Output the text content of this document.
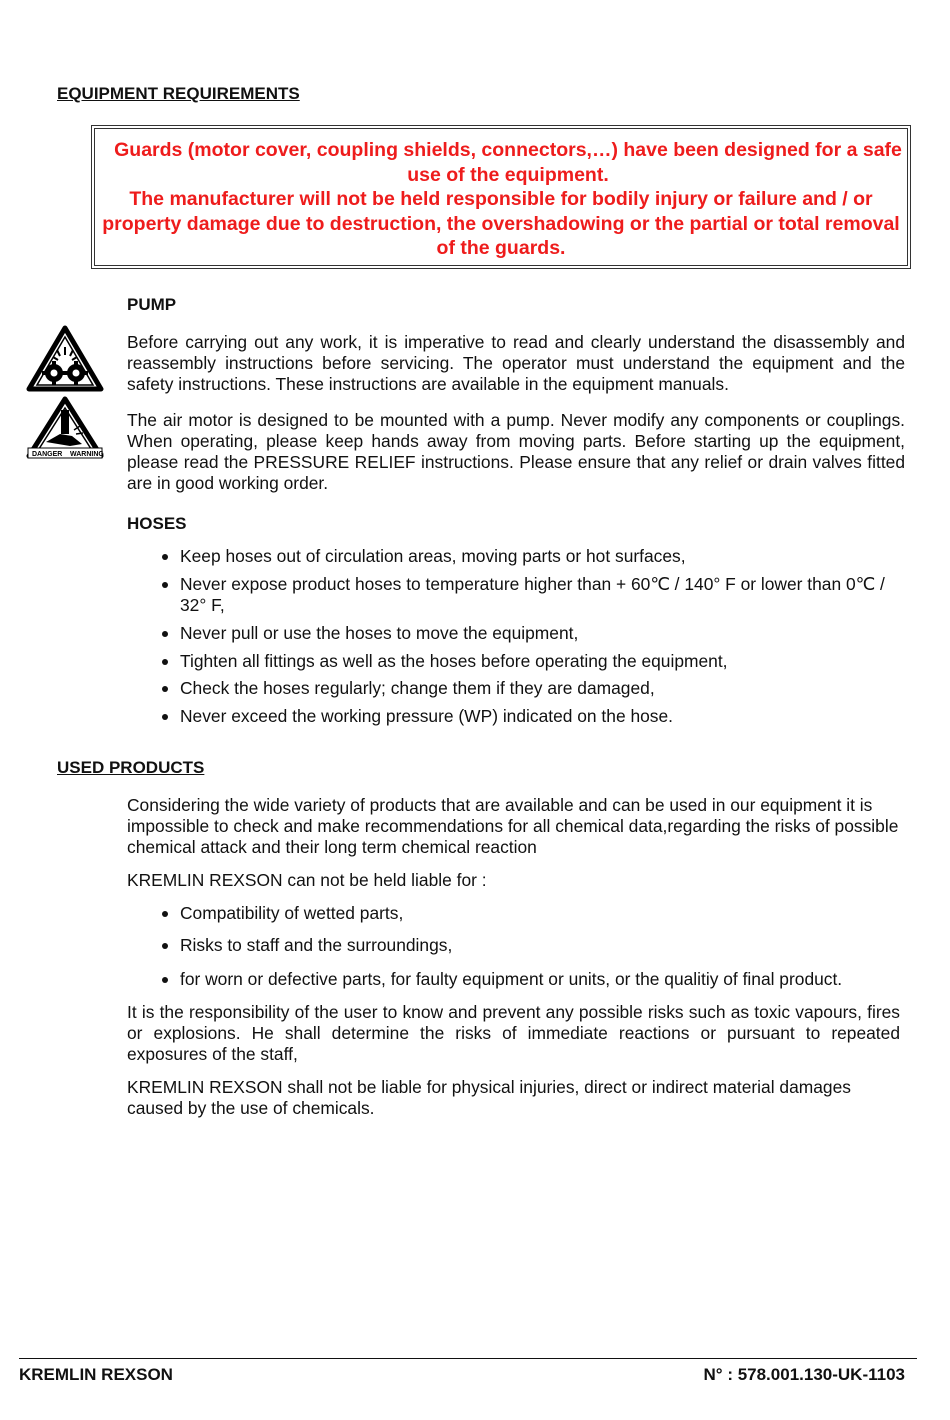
EQUIPMENT REQUIREMENTS
Guards (motor cover, coupling shields, connectors,…) have been designed for a safe use of the equipment.
The manufacturer will not be held responsible for bodily injury or failure and / or property damage due to destruction, the overshadowing or the partial or total removal of the guards.
PUMP
DANGER WARNING

Before carrying out any work, it is imperative to read and clearly understand the disassembly and reassembly instructions before servicing. The operator must understand the equipment and the safety instructions. These instructions are available in the equipment manuals.

The air motor is designed to be mounted with a pump. Never modify any components or couplings. When operating, please keep hands away from moving parts. Before starting up the equipment, please read the PRESSURE RELIEF instructions. Please ensure that any relief or drain valves fitted are in good working order.

HOSES
Keep hoses out of circulation areas, moving parts or hot surfaces,
Never expose product hoses to temperature higher than + 60℃ / 140° F or lower than 0℃ / 32° F,
Never pull or use the hoses to move the equipment,
Tighten all fittings as well as the hoses before operating the equipment,
Check the hoses regularly; change them if they are damaged,
Never exceed the working pressure (WP) indicated on the hose.
USED PRODUCTS

Considering the wide variety of products that are available and can be used in our equipment it is impossible to check and make recommendations for all chemical data,regarding the risks of possible chemical attack and their long term chemical reaction

KREMLIN REXSON can not be held liable for :

Compatibility of wetted parts,
Risks to staff and the surroundings,
for worn or defective parts, for faulty equipment or units, or the qualitiy of final product.

It is the responsibility of the user to know and prevent any possible risks such as toxic vapours, fires or explosions. He shall determine the risks of immediate reactions or pursuant to repeated exposures of the staff,

KREMLIN REXSON shall not be liable for physical injuries, direct or indirect material damages caused by the use of chemicals.

KREMLIN REXSON	N° : 578.001.130-UK-1103
